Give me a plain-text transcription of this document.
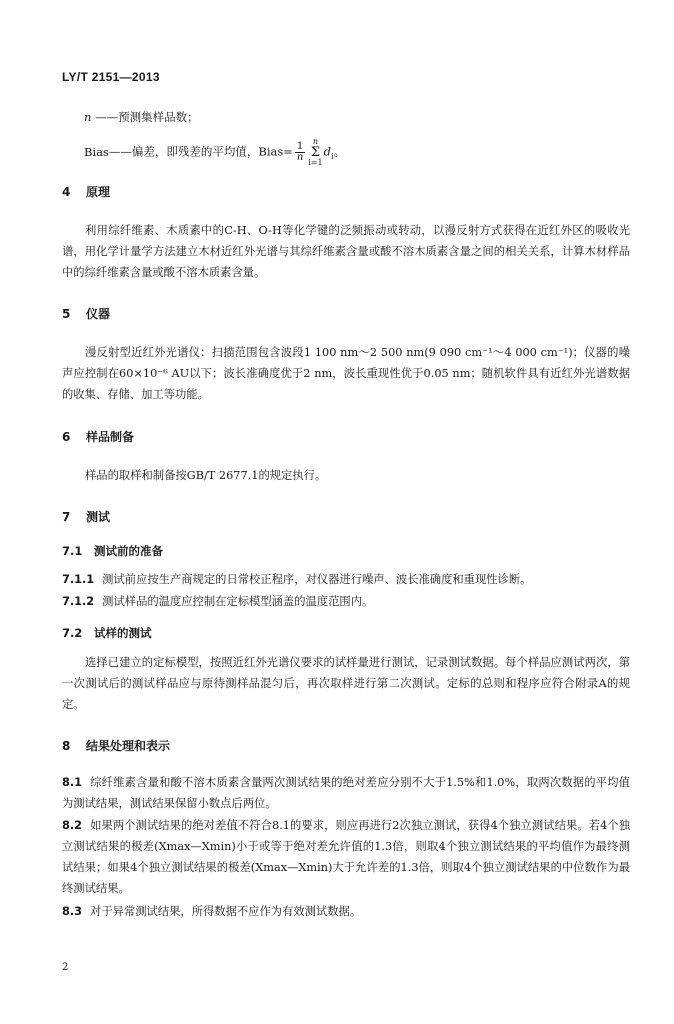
LY/T 2151—2013
n ——预测集样品数；
Bias——偏差，即残差的平均值，Bias= $\frac{1}{n}$
n
Σ
$i=1d_i$。
4 原理
利用综纤维素、木质素中的C-H、O-H等化学键的泛频振动或转动，以漫反射方式获得在近红外区的吸收光谱，用化学计量学方法建立木材近红外光谱与其综纤维素含量或酸不溶木质素含量之间的相关关系，计算木材样品中的综纤维素含量或酸不溶木质素含量。
5 仪器
漫反射型近红外光谱仪：扫描范围包含波段1 100 nm～2 500 nm(9 090 cm⁻¹～4 000 cm⁻¹)；仪器的噪声应控制在60×10⁻⁶ AU以下；波长准确度优于2 nm，波长重现性优于0.05 nm；随机软件具有近红外光谱数据的收集、存储、加工等功能。
6 样品制备
样品的取样和制备按GB/T 2677.1的规定执行。
7 测试
7.1 测试前的准备
7.1.1 测试前应按生产商规定的日常校正程序，对仪器进行噪声、波长准确度和重现性诊断。
7.1.2 测试样品的温度应控制在定标模型涵盖的温度范围内。
7.2 试样的测试
选择已建立的定标模型，按照近红外光谱仪要求的试样量进行测试，记录测试数据。每个样品应测试两次，第一次测试后的测试样品应与原待测样品混匀后，再次取样进行第二次测试。定标的总则和程序应符合附录A的规定。
8 结果处理和表示
8.1 综纤维素含量和酸不溶木质素含量两次测试结果的绝对差应分别不大于1.5%和1.0%，取两次数据的平均值为测试结果，测试结果保留小数点后两位。
8.2 如果两个测试结果的绝对差值不符合8.1的要求，则应再进行2次独立测试，获得4个独立测试结果。若4个独立测试结果的极差(Xmax—Xmin)小于或等于绝对差允许值的1.3倍，则取4个独立测试结果的平均值作为最终测试结果；如果4个独立测试结果的极差(Xmax—Xmin)大于允许差的1.3倍，则取4个独立测试结果的中位数作为最终测试结果。
8.3 对于异常测试结果，所得数据不应作为有效测试数据。
2
